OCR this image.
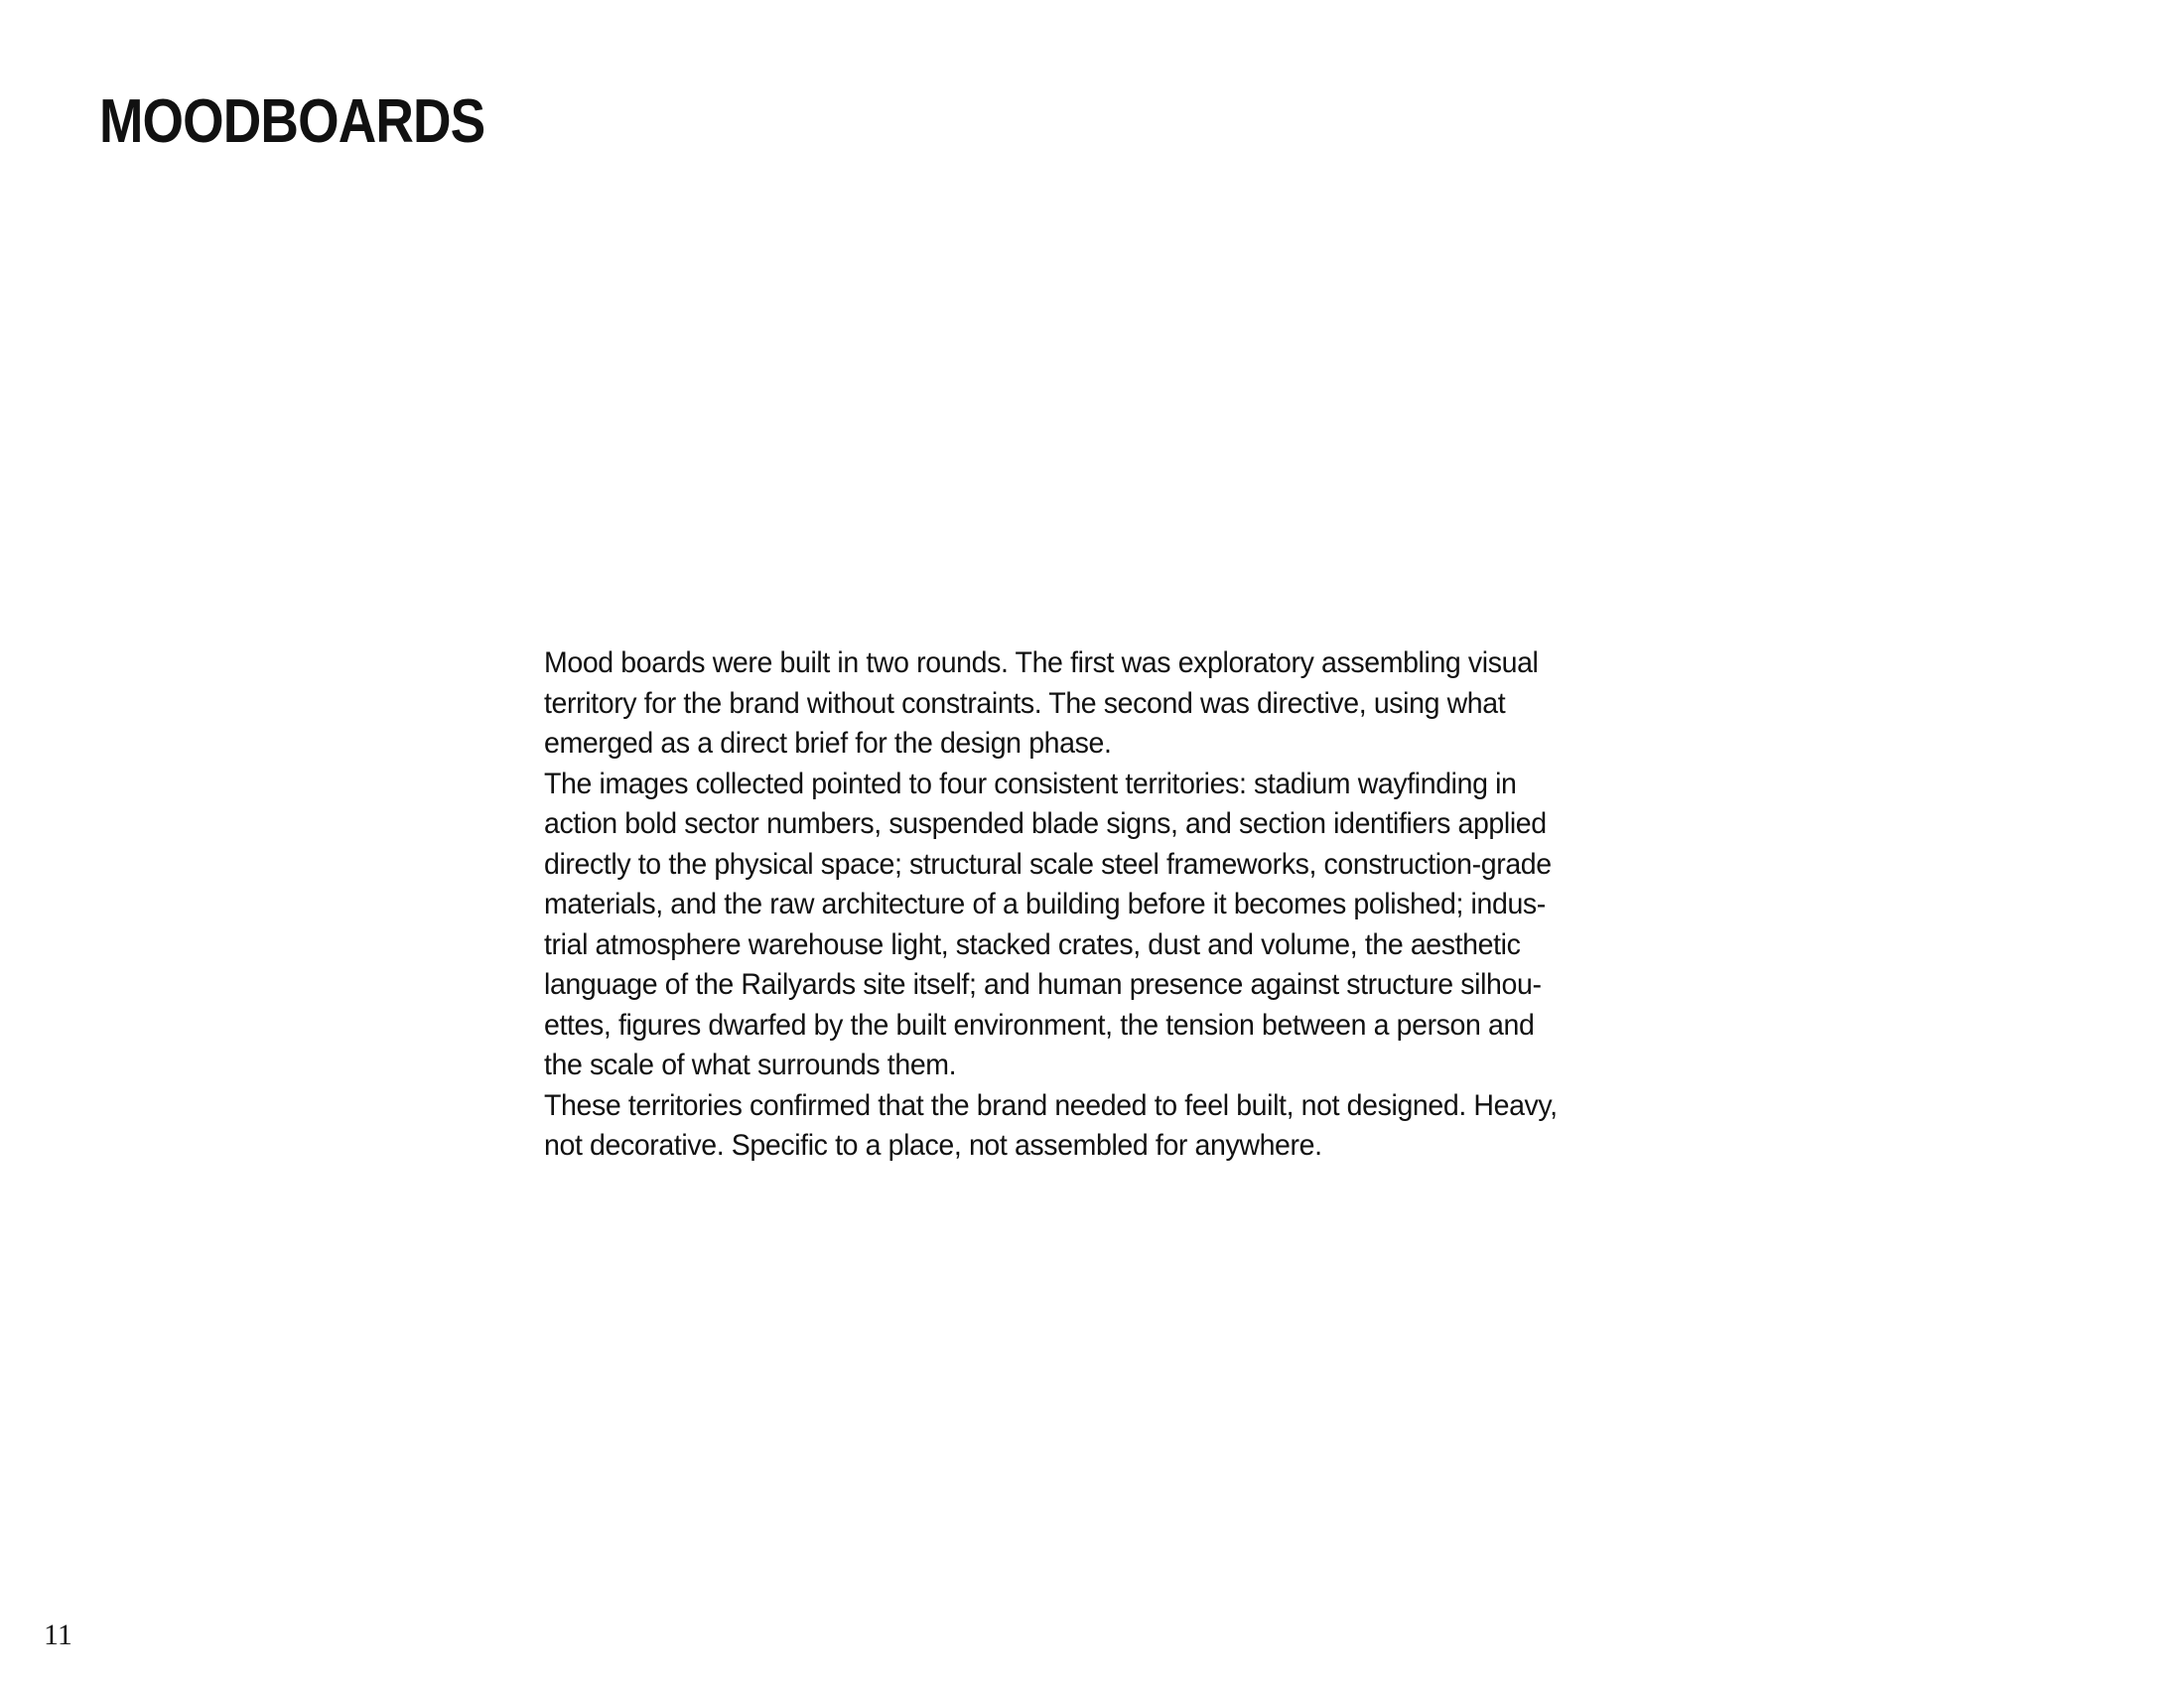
MOODBOARDS
Mood boards were built in two rounds. The first was exploratory assembling visual
territory for the brand without constraints. The second was directive, using what
emerged as a direct brief for the design phase.
The images collected pointed to four consistent territories: stadium wayfinding in
action bold sector numbers, suspended blade signs, and section identifiers applied
directly to the physical space; structural scale steel frameworks, construction-grade
materials, and the raw architecture of a building before it becomes polished; indus-
trial atmosphere warehouse light, stacked crates, dust and volume, the aesthetic
language of the Railyards site itself; and human presence against structure silhou-
ettes, figures dwarfed by the built environment, the tension between a person and
the scale of what surrounds them.
These territories confirmed that the brand needed to feel built, not designed. Heavy,
not decorative. Specific to a place, not assembled for anywhere.
11
